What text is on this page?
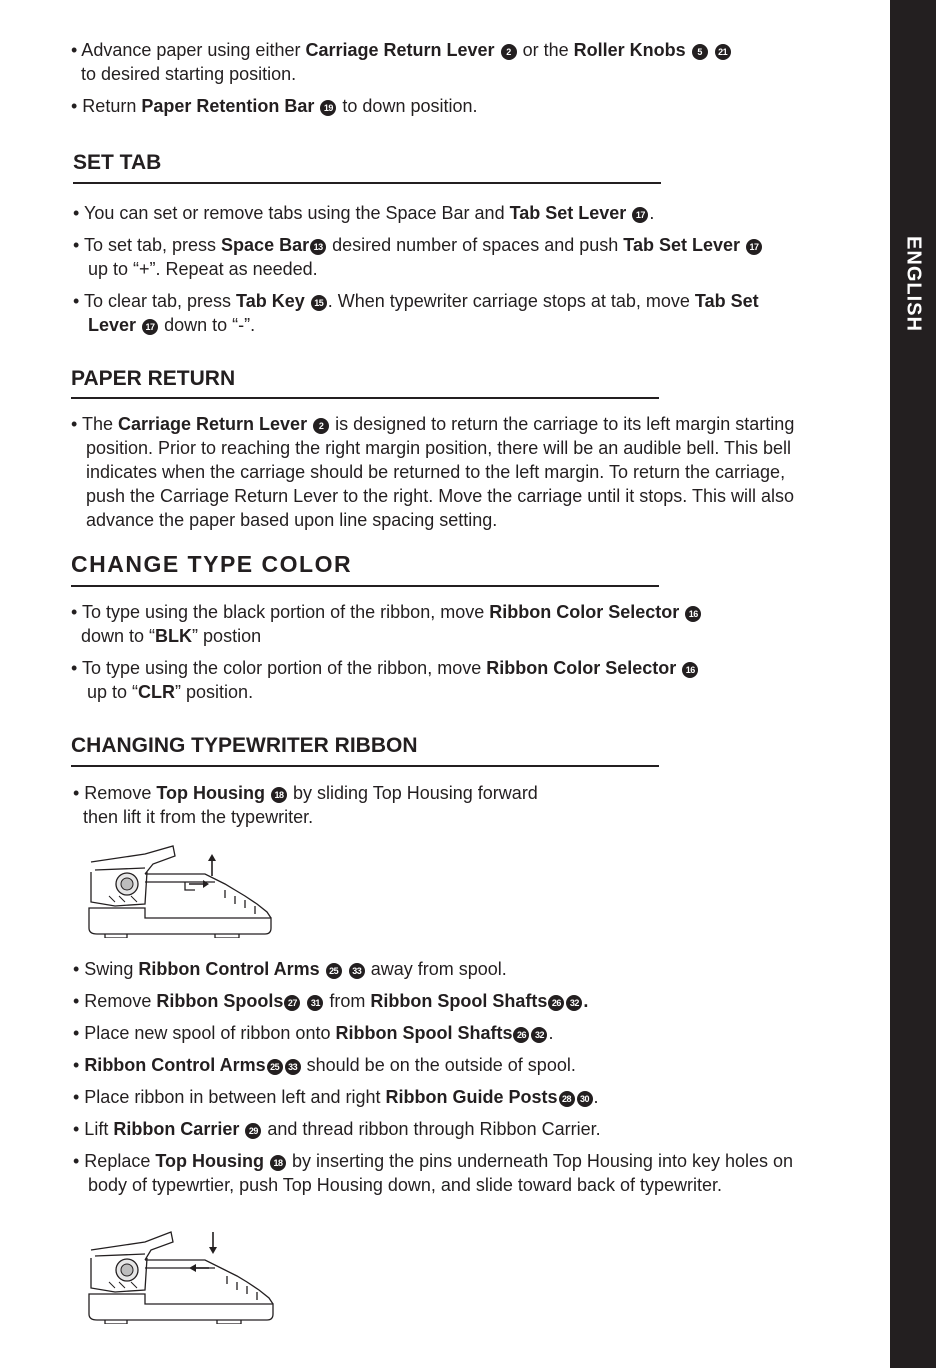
ENGLISH
• Advance paper using either Carriage Return Lever 2 or the Roller Knobs 5 21
to desired starting position.
• Return Paper Retention Bar 19 to down position.
SET TAB
• You can set or remove tabs using the Space Bar and Tab Set Lever 17 .
• To set tab, press Space Bar 13 desired number of spaces and push Tab Set Lever 17
up to “+”. Repeat as needed.
• To clear tab, press Tab Key 15 . When typewriter carriage stops at tab, move Tab Set
Lever 17 down to “-”.
PAPER RETURN
• The Carriage Return Lever 2 is designed to return the carriage to its left margin starting
position. Prior to reaching the right margin position, there will be an audible bell. This bell
indicates when the carriage should be returned to the left margin. To return the carriage,
push the Carriage Return Lever to the right. Move the carriage until it stops. This will also
advance the paper based upon line spacing setting.
CHANGE TYPE COLOR
• To type using the black portion of the ribbon, move Ribbon Color Selector 16
down to “BLK” postion
• To type using the color portion of the ribbon, move Ribbon Color Selector 16
up to “CLR” position.
CHANGING TYPEWRITER RIBBON
• Remove Top Housing 18 by sliding Top Housing forward
then lift it from the typewriter.
• Swing Ribbon Control Arms 25 33 away from spool.
• Remove Ribbon Spools 27 31 from Ribbon Spool Shafts 26 32 .
• Place new spool of ribbon onto Ribbon Spool Shafts 26 32 .
• Ribbon Control Arms 25 33 should be on the outside of spool.
• Place ribbon in between left and right Ribbon Guide Posts 28 30 .
• Lift Ribbon Carrier 29 and thread ribbon through Ribbon Carrier.
• Replace Top Housing 18 by inserting the pins underneath Top Housing into key holes on
body of typewrtier, push Top Housing down, and slide toward back of typewriter.
